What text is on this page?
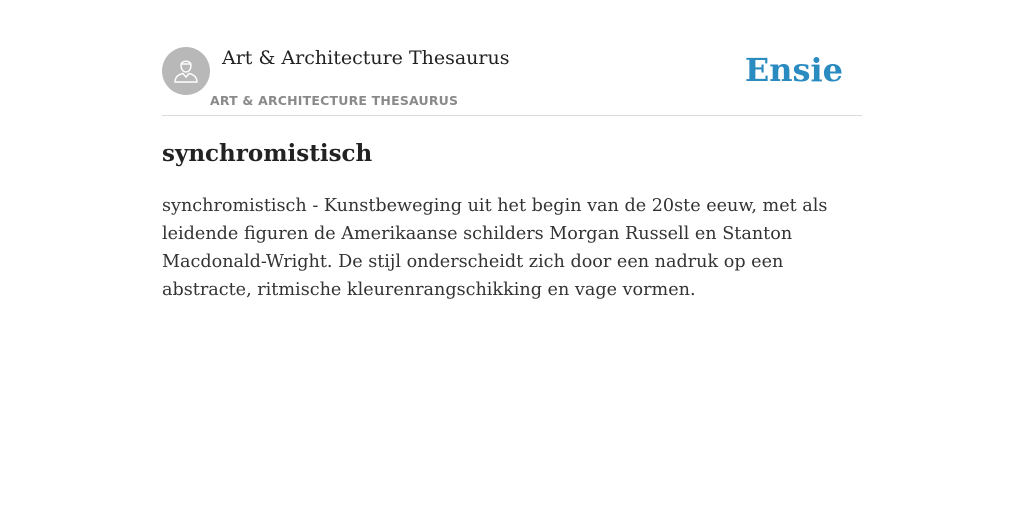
Art & Architecture Thesaurus
ART & ARCHITECTURE THESAURUS
Ensie
synchromistisch

synchromistisch - Kunstbeweging uit het begin van de 20ste eeuw, met als leidende figuren de Amerikaanse schilders Morgan Russell en Stanton Macdonald-Wright. De stijl onderscheidt zich door een nadruk op een abstracte, ritmische kleurenrangschikking en vage vormen.
